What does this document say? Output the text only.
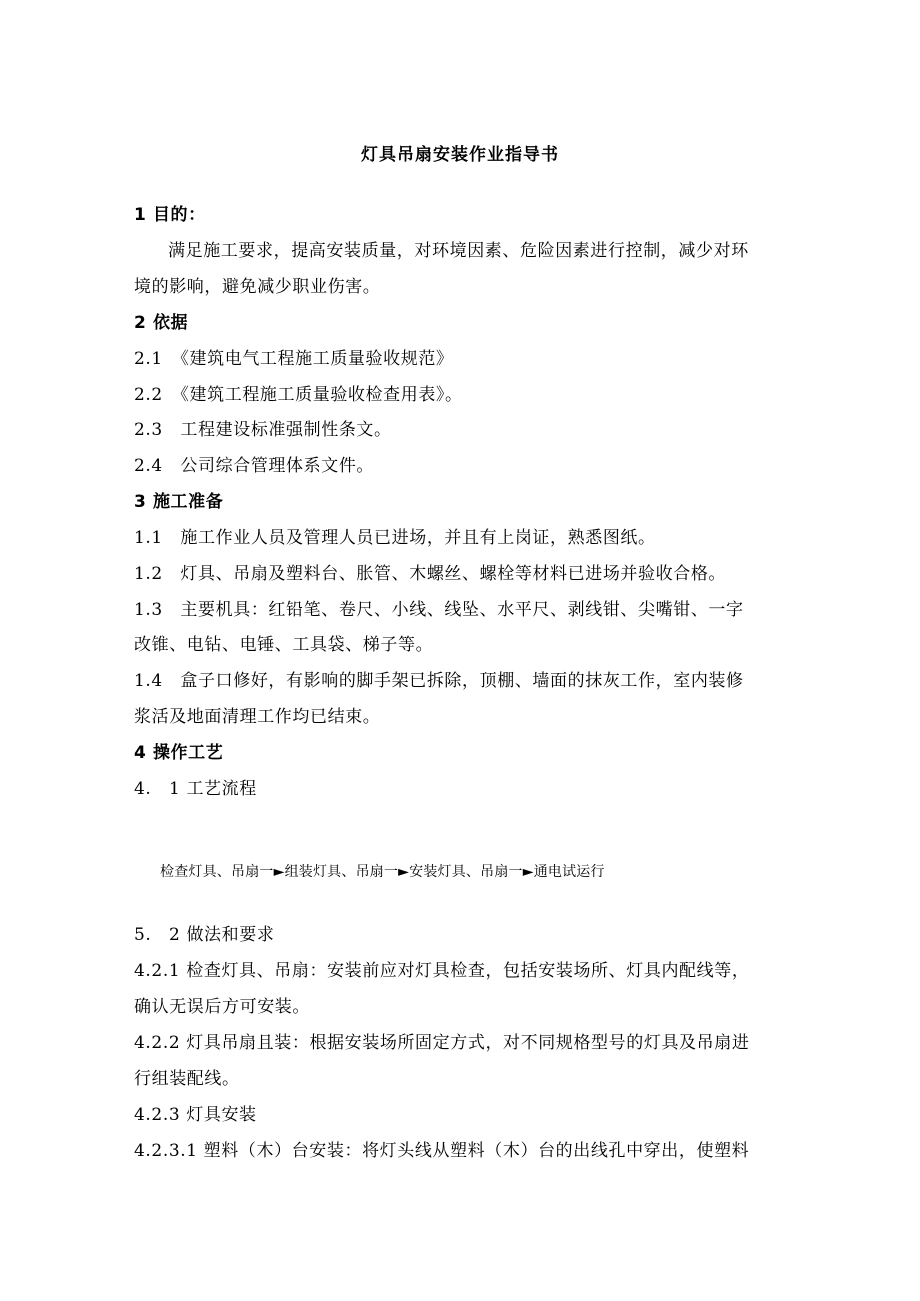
灯具吊扇安装作业指导书
1 目的：
满足施工要求，提高安装质量，对环境因素、危险因素进行控制，减少对环
境的影响，避免减少职业伤害。
2 依据
2.1　《建筑电气工程施工质量验收规范》
2.2　《建筑工程施工质量验收检查用表》。
2.3　工程建设标准强制性条文。
2.4　公司综合管理体系文件。
3 施工准备
1.1　施工作业人员及管理人员已进场，并且有上岗证，熟悉图纸。
1.2　灯具、吊扇及塑料台、胀管、木螺丝、螺栓等材料已进场并验收合格。
1.3　主要机具：红铅笔、卷尺、小线、线坠、水平尺、剥线钳、尖嘴钳、一字
改锥、电钻、电锤、工具袋、梯子等。
1.4　盒子口修好，有影响的脚手架已拆除，顶棚、墙面的抹灰工作，室内装修
浆活及地面清理工作均已结束。
4 操作工艺
4.　1 工艺流程
检查灯具、吊扇一►组装灯具、吊扇一►安装灯具、吊扇一►通电试运行
5.　2 做法和要求
4.2.1 检查灯具、吊扇：安装前应对灯具检查，包括安装场所、灯具内配线等，
确认无误后方可安装。
4.2.2 灯具吊扇且装：根据安装场所固定方式，对不同规格型号的灯具及吊扇进
行组装配线。
4.2.3 灯具安装
4.2.3.1 塑料（木）台安装：将灯头线从塑料（木）台的出线孔中穿出，使塑料
